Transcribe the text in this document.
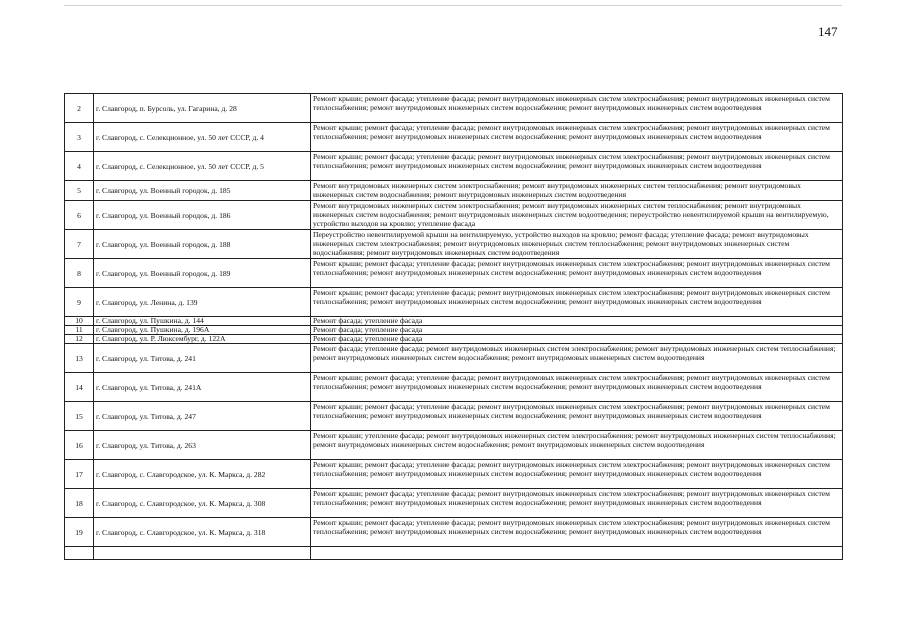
147
2	г. Славгород, п. Бурсоль, ул. Гагарина, д. 28	Ремонт крыши; ремонт фасада; утепление фасада; ремонт внутридомовых инженерных систем электроснабжения; ремонт внутридомовых инженерных систем теплоснабжения; ремонт внутридомовых инженерных систем водоснабжения; ремонт внутридомовых инженерных систем водоотведения
3	г. Славгород, с. Селекционное, ул. 50 лет СССР, д. 4	Ремонт крыши; ремонт фасада; утепление фасада; ремонт внутридомовых инженерных систем электроснабжения; ремонт внутридомовых инженерных систем теплоснабжения; ремонт внутридомовых инженерных систем водоснабжения; ремонт внутридомовых инженерных систем водоотведения
4	г. Славгород, с. Селекционное, ул. 50 лет СССР, д. 5	Ремонт крыши; ремонт фасада; утепление фасада; ремонт внутридомовых инженерных систем электроснабжения; ремонт внутридомовых инженерных систем теплоснабжения; ремонт внутридомовых инженерных систем водоснабжения; ремонт внутридомовых инженерных систем водоотведения
5	г. Славгород, ул. Военный городок, д. 185	Ремонт внутридомовых инженерных систем электроснабжения; ремонт внутридомовых инженерных систем теплоснабжения; ремонт внутридомовых инженерных систем водоснабжения; ремонт внутридомовых инженерных систем водоотведения
6	г. Славгород, ул. Военный городок, д. 186	Ремонт внутридомовых инженерных систем электроснабжения; ремонт внутридомовых инженерных систем теплоснабжения; ремонт внутридомовых инженерных систем водоснабжения; ремонт внутридомовых инженерных систем водоотведения; переустройство невентилируемой крыши на вентилируемую, устройство выходов на кровлю; утепление фасада
7	г. Славгород, ул. Военный городок, д. 188	Переустройство невентилируемой крыши на вентилируемую, устройство выходов на кровлю; ремонт фасада; утепление фасада; ремонт внутридомовых инженерных систем электроснабжения; ремонт внутридомовых инженерных систем теплоснабжения; ремонт внутридомовых инженерных систем водоснабжения; ремонт внутридомовых инженерных систем водоотведения
8	г. Славгород, ул. Военный городок, д. 189	Ремонт крыши; ремонт фасада; утепление фасада; ремонт внутридомовых инженерных систем электроснабжения; ремонт внутридомовых инженерных систем теплоснабжения; ремонт внутридомовых инженерных систем водоснабжения; ремонт внутридомовых инженерных систем водоотведения
9	г. Славгород, ул. Ленина, д. 139	Ремонт крыши; ремонт фасада; утепление фасада; ремонт внутридомовых инженерных систем электроснабжения; ремонт внутридомовых инженерных систем теплоснабжения; ремонт внутридомовых инженерных систем водоснабжения; ремонт внутридомовых инженерных систем водоотведения
10	г. Славгород, ул. Пушкина, д. 144	Ремонт фасада; утепление фасада
11	г. Славгород, ул. Пушкина, д. 196А	Ремонт фасада; утепление фасада
12	г. Славгород, ул. Р. Люксембург, д. 122А	Ремонт фасада; утепление фасада
13	г. Славгород, ул. Титова, д. 241	Ремонт фасада; утепление фасада; ремонт внутридомовых инженерных систем электроснабжения; ремонт внутридомовых инженерных систем теплоснабжения; ремонт внутридомовых инженерных систем водоснабжения; ремонт внутридомовых инженерных систем водоотведения
14	г. Славгород, ул. Титова, д. 241А	Ремонт крыши; ремонт фасада; утепление фасада; ремонт внутридомовых инженерных систем электроснабжения; ремонт внутридомовых инженерных систем теплоснабжения; ремонт внутридомовых инженерных систем водоснабжения; ремонт внутридомовых инженерных систем водоотведения
15	г. Славгород, ул. Титова, д. 247	Ремонт крыши; ремонт фасада; утепление фасада; ремонт внутридомовых инженерных систем электроснабжения; ремонт внутридомовых инженерных систем теплоснабжения; ремонт внутридомовых инженерных систем водоснабжения; ремонт внутридомовых инженерных систем водоотведения
16	г. Славгород, ул. Титова, д. 263	Ремонт крыши; утепление фасада; ремонт внутридомовых инженерных систем электроснабжения; ремонт внутридомовых инженерных систем теплоснабжения; ремонт внутридомовых инженерных систем водоснабжения; ремонт внутридомовых инженерных систем водоотведения
17	г. Славгород, с. Славгородское, ул. К. Маркса, д. 282	Ремонт крыши; ремонт фасада; утепление фасада; ремонт внутридомовых инженерных систем электроснабжения; ремонт внутридомовых инженерных систем теплоснабжения; ремонт внутридомовых инженерных систем водоснабжения; ремонт внутридомовых инженерных систем водоотведения
18	г. Славгород, с. Славгородское, ул. К. Маркса, д. 308	Ремонт крыши; ремонт фасада; утепление фасада; ремонт внутридомовых инженерных систем электроснабжения; ремонт внутридомовых инженерных систем теплоснабжения; ремонт внутридомовых инженерных систем водоснабжения; ремонт внутридомовых инженерных систем водоотведения
19	г. Славгород, с. Славгородское, ул. К. Маркса, д. 318	Ремонт крыши; ремонт фасада; утепление фасада; ремонт внутридомовых инженерных систем электроснабжения; ремонт внутридомовых инженерных систем теплоснабжения; ремонт внутридомовых инженерных систем водоснабжения; ремонт внутридомовых инженерных систем водоотведения
